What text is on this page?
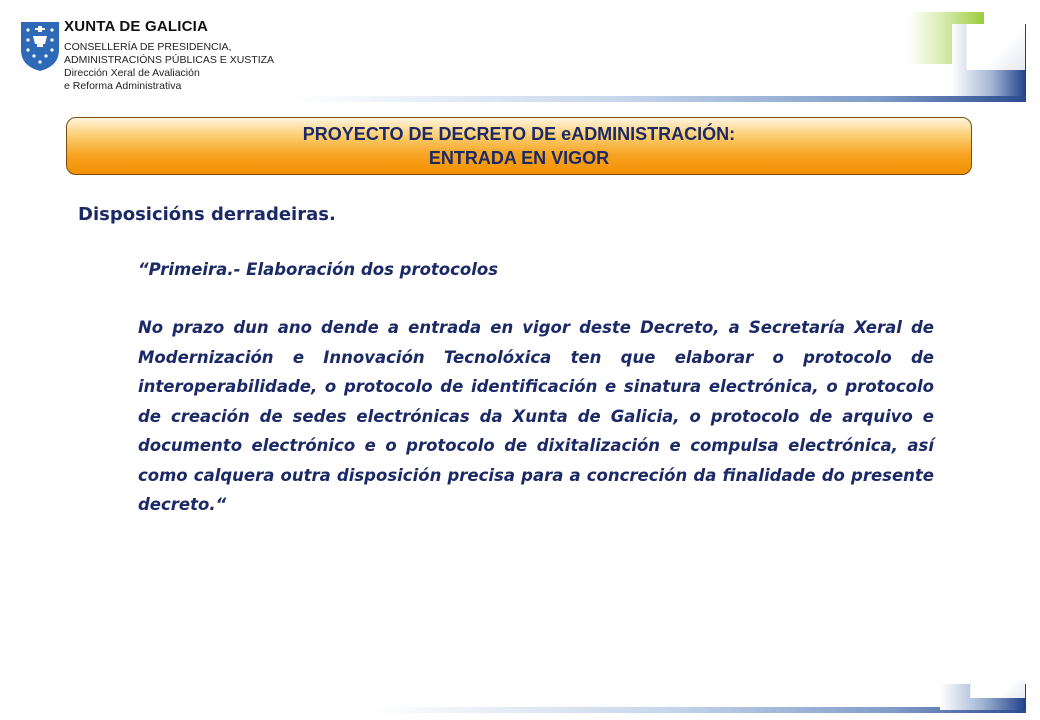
XUNTA DE GALICIA
CONSELLERÍA DE PRESIDENCIA,
ADMINISTRACIÓNS PÚBLICAS E XUSTIZA
Dirección Xeral de Avaliación
e Reforma Administrativa
PROYECTO DE DECRETO DE eADMINISTRACIÓN:
ENTRADA EN VIGOR
Disposicións derradeiras.
“Primeira.- Elaboración dos protocolos
No prazo dun ano dende a entrada en vigor deste Decreto, a Secretaría Xeral de Modernización e Innovación Tecnolóxica ten que elaborar o protocolo de interoperabilidade, o protocolo de identificación e sinatura electrónica, o protocolo de creación de sedes electrónicas da Xunta de Galicia, o protocolo de arquivo e documento electrónico e o protocolo de dixitalización e compulsa electrónica, así como calquera outra disposición precisa para a concreción da finalidade do presente decreto.“
